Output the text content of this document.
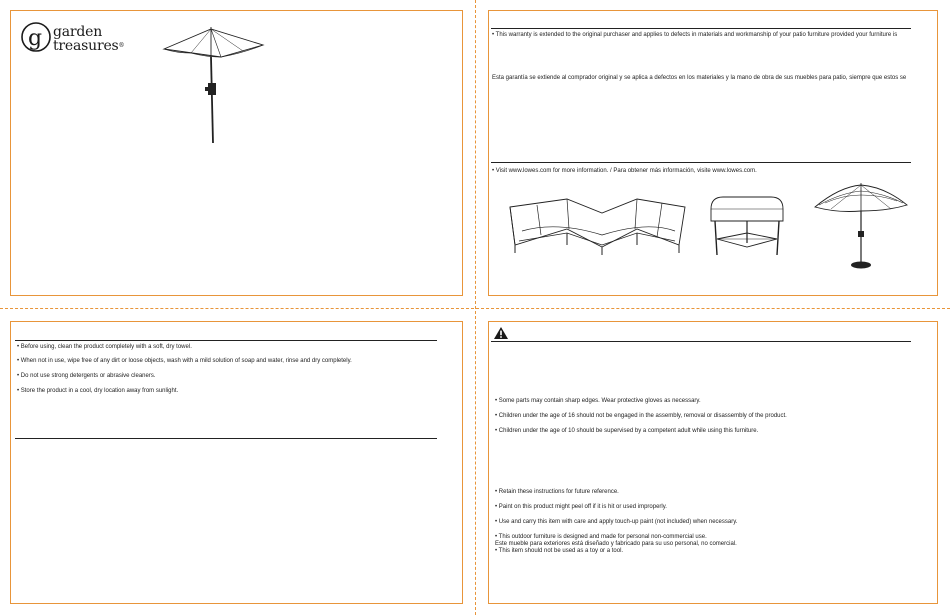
g garden
treasures®
• This warranty is extended to the original purchaser and applies to defects in materials and workmanship of your patio furniture provided your furniture is
Esta garantía se extiende al comprador original y se aplica a defectos en los materiales y la mano de obra de sus muebles para patio, siempre que estos se
• Visit www.lowes.com for more information. / Para obtener más información, visite www.lowes.com.
• Before using, clean the product completely with a soft, dry towel.
• When not in use, wipe free of any dirt or loose objects, wash with a mild solution of soap and water, rinse and dry completely.
• Do not use strong detergents or abrasive cleaners.
• Store the product in a cool, dry location away from sunlight.
• Some parts may contain sharp edges. Wear protective gloves as necessary.
• Children under the age of 16 should not be engaged in the assembly, removal or disassembly of the product.
• Children under the age of 10 should be supervised by a competent adult while using this furniture.
• Retain these instructions for future reference.
• Paint on this product might peel off if it is hit or used improperly.
• Use and carry this item with care and apply touch-up paint (not included) when necessary.
• This outdoor furniture is designed and made for personal non-commercial use.
Este mueble para exteriores está diseñado y fabricado para su uso personal, no comercial.
• This item should not be used as a toy or a tool.
